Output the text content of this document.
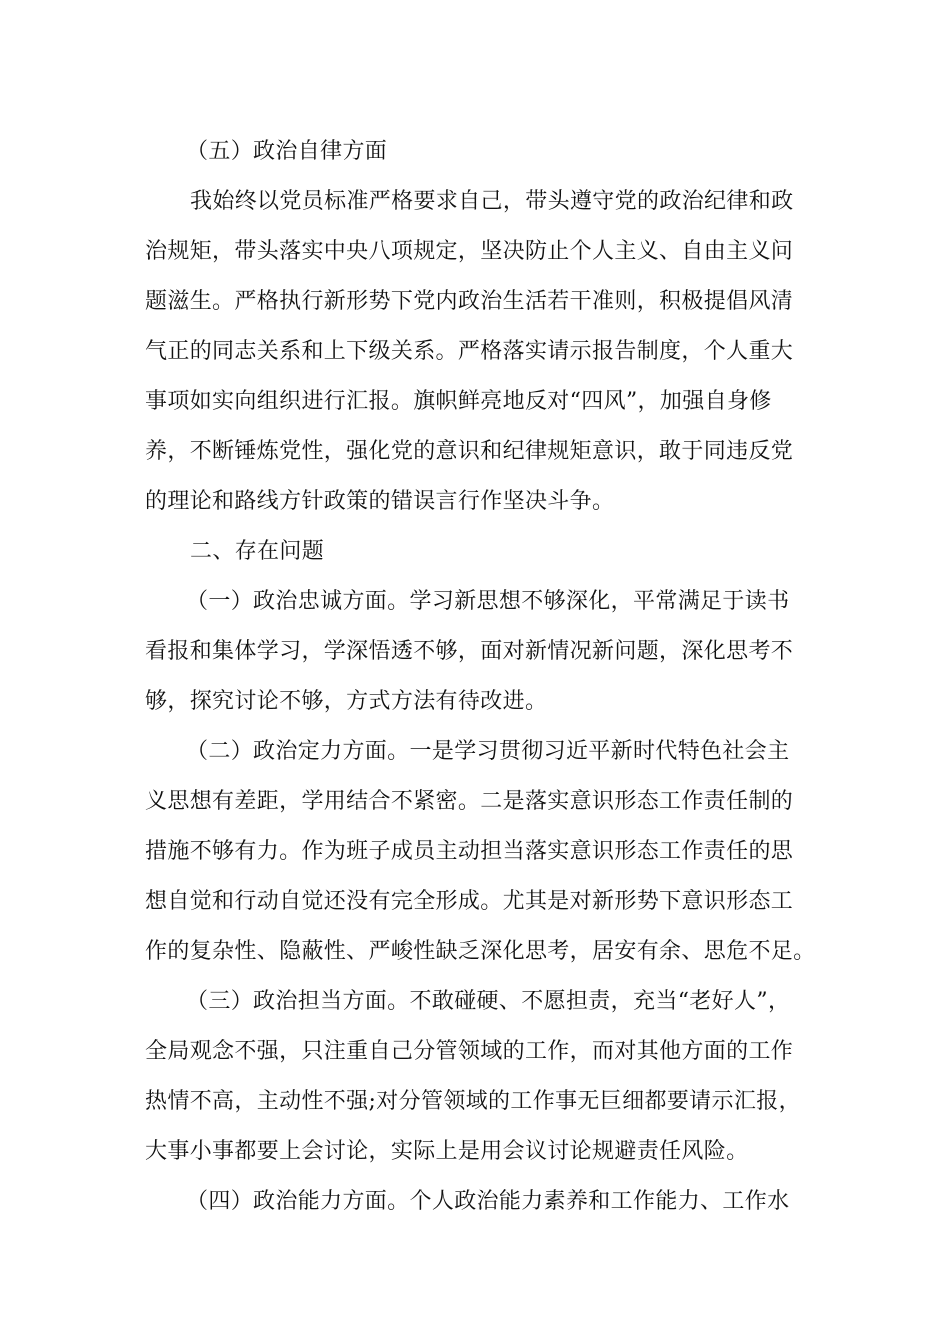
（五）政治自律方面
我始终以党员标准严格要求自己，带头遵守党的政治纪律和政
治规矩，带头落实中央八项规定，坚决防止个人主义、自由主义问
题滋生。严格执行新形势下党内政治生活若干准则，积极提倡风清
气正的同志关系和上下级关系。严格落实请示报告制度，个人重大
事项如实向组织进行汇报。旗帜鲜亮地反对“四风”，加强自身修
养，不断锤炼党性，强化党的意识和纪律规矩意识，敢于同违反党
的理论和路线方针政策的错误言行作坚决斗争。
二、存在问题
（一）政治忠诚方面。学习新思想不够深化，平常满足于读书
看报和集体学习，学深悟透不够，面对新情况新问题，深化思考不
够，探究讨论不够，方式方法有待改进。
（二）政治定力方面。一是学习贯彻习近平新时代特色社会主
义思想有差距，学用结合不紧密。二是落实意识形态工作责任制的
措施不够有力。作为班子成员主动担当落实意识形态工作责任的思
想自觉和行动自觉还没有完全形成。尤其是对新形势下意识形态工
作的复杂性、隐蔽性、严峻性缺乏深化思考，居安有余、思危不足。
（三）政治担当方面。不敢碰硬、不愿担责，充当“老好人”，
全局观念不强，只注重自己分管领域的工作，而对其他方面的工作
热情不高，主动性不强;对分管领域的工作事无巨细都要请示汇报，
大事小事都要上会讨论，实际上是用会议讨论规避责任风险。
（四）政治能力方面。个人政治能力素养和工作能力、工作水
